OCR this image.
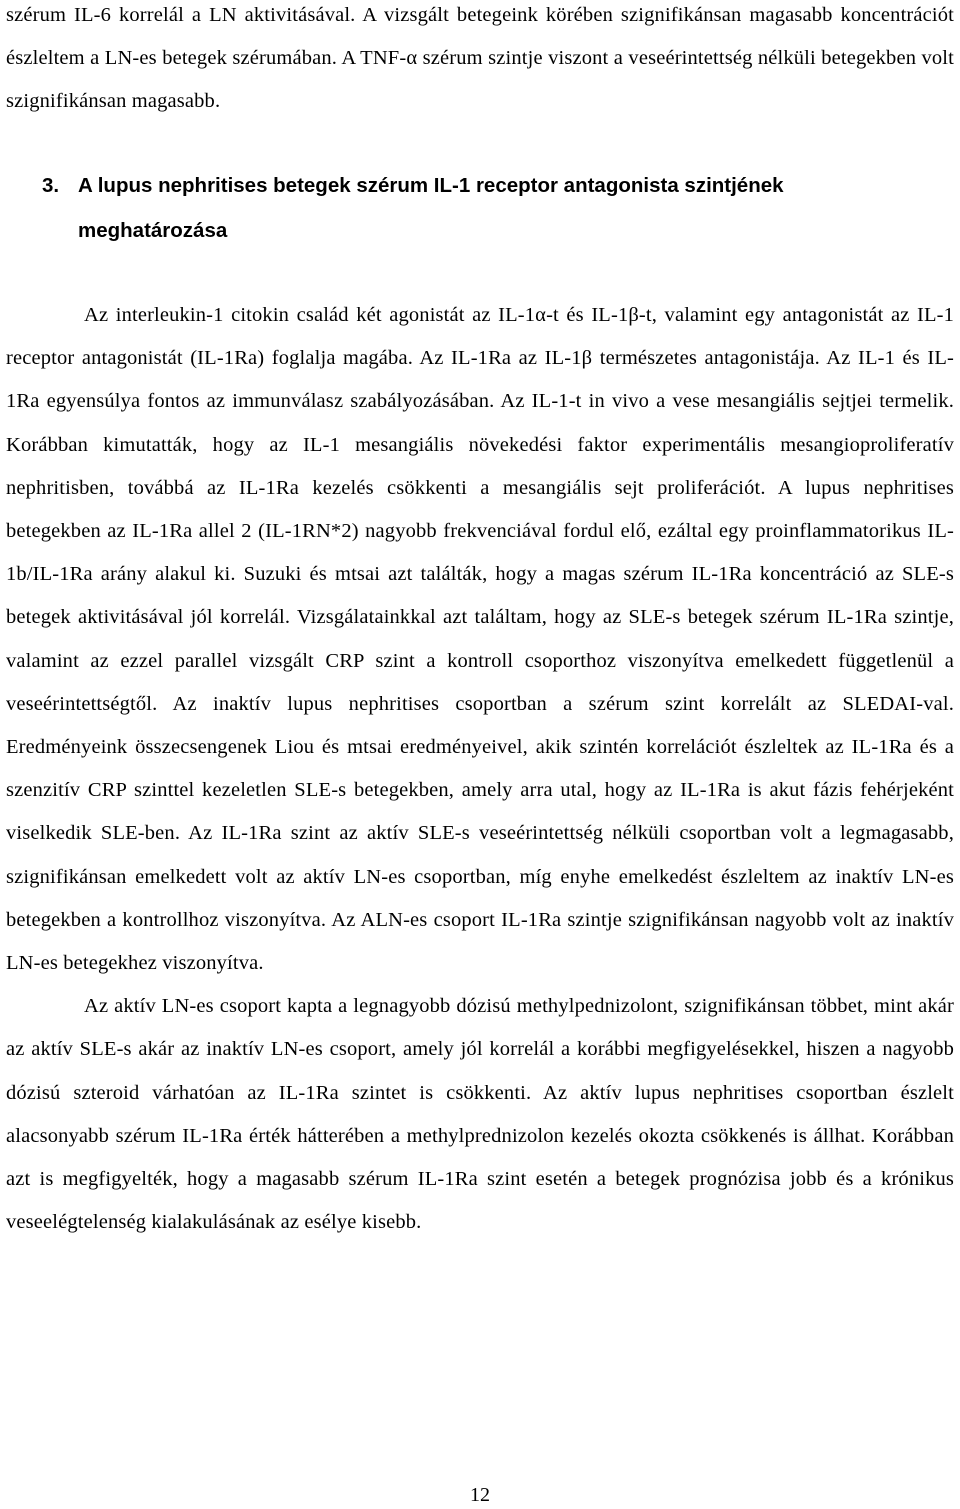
szérum IL-6 korrelál a LN aktivitásával. A vizsgált betegeink körében szignifikánsan magasabb koncentrációt észleltem a LN-es betegek szérumában. A TNF-α szérum szintje viszont a veseérintettség nélküli betegekben volt szignifikánsan magasabb.

3. A lupus nephritises betegek szérum IL-1 receptor antagonista szintjének
meghatározása

Az interleukin-1 citokin család két agonistát az IL-1α-t és IL-1β-t, valamint egy antagonistát az IL-1 receptor antagonistát (IL-1Ra) foglalja magába. Az IL-1Ra az IL-1β természetes antagonistája. Az IL-1 és IL-1Ra egyensúlya fontos az immunválasz szabályozásában. Az IL-1-t in vivo a vese mesangiális sejtjei termelik. Korábban kimutatták, hogy az IL-1 mesangiális növekedési faktor experimentális mesangioproliferatív nephritisben, továbbá az IL-1Ra kezelés csökkenti a mesangiális sejt proliferációt. A lupus nephritises betegekben az IL-1Ra allel 2 (IL-1RN*2) nagyobb frekvenciával fordul elő, ezáltal egy proinflammatorikus IL-1b/IL-1Ra arány alakul ki. Suzuki és mtsai azt találták, hogy a magas szérum IL-1Ra koncentráció az SLE-s betegek aktivitásával jól korrelál. Vizsgálatainkkal azt találtam, hogy az SLE-s betegek szérum IL-1Ra szintje, valamint az ezzel parallel vizsgált CRP szint a kontroll csoporthoz viszonyítva emelkedett függetlenül a veseérintettségtől. Az inaktív lupus nephritises csoportban a szérum szint korrelált az SLEDAI-val. Eredményeink összecsengenek Liou és mtsai eredményeivel, akik szintén korrelációt észleltek az IL-1Ra és a szenzitív CRP szinttel kezeletlen SLE-s betegekben, amely arra utal, hogy az IL-1Ra is akut fázis fehérjeként viselkedik SLE-ben. Az IL-1Ra szint az aktív SLE-s veseérintettség nélküli csoportban volt a legmagasabb, szignifikánsan emelkedett volt az aktív LN-es csoportban, míg enyhe emelkedést észleltem az inaktív LN-es betegekben a kontrollhoz viszonyítva. Az ALN-es csoport IL-1Ra szintje szignifikánsan nagyobb volt az inaktív LN-es betegekhez viszonyítva.

Az aktív LN-es csoport kapta a legnagyobb dózisú methylpednizolont, szignifikánsan többet, mint akár az aktív SLE-s akár az inaktív LN-es csoport, amely jól korrelál a korábbi megfigyelésekkel, hiszen a nagyobb dózisú szteroid várhatóan az IL-1Ra szintet is csökkenti. Az aktív lupus nephritises csoportban észlelt alacsonyabb szérum IL-1Ra érték hátterében a methylprednizolon kezelés okozta csökkenés is állhat. Korábban azt is megfigyelték, hogy a magasabb szérum IL-1Ra szint esetén a betegek prognózisa jobb és a krónikus veseelégtelenség kialakulásának az esélye kisebb.

12
